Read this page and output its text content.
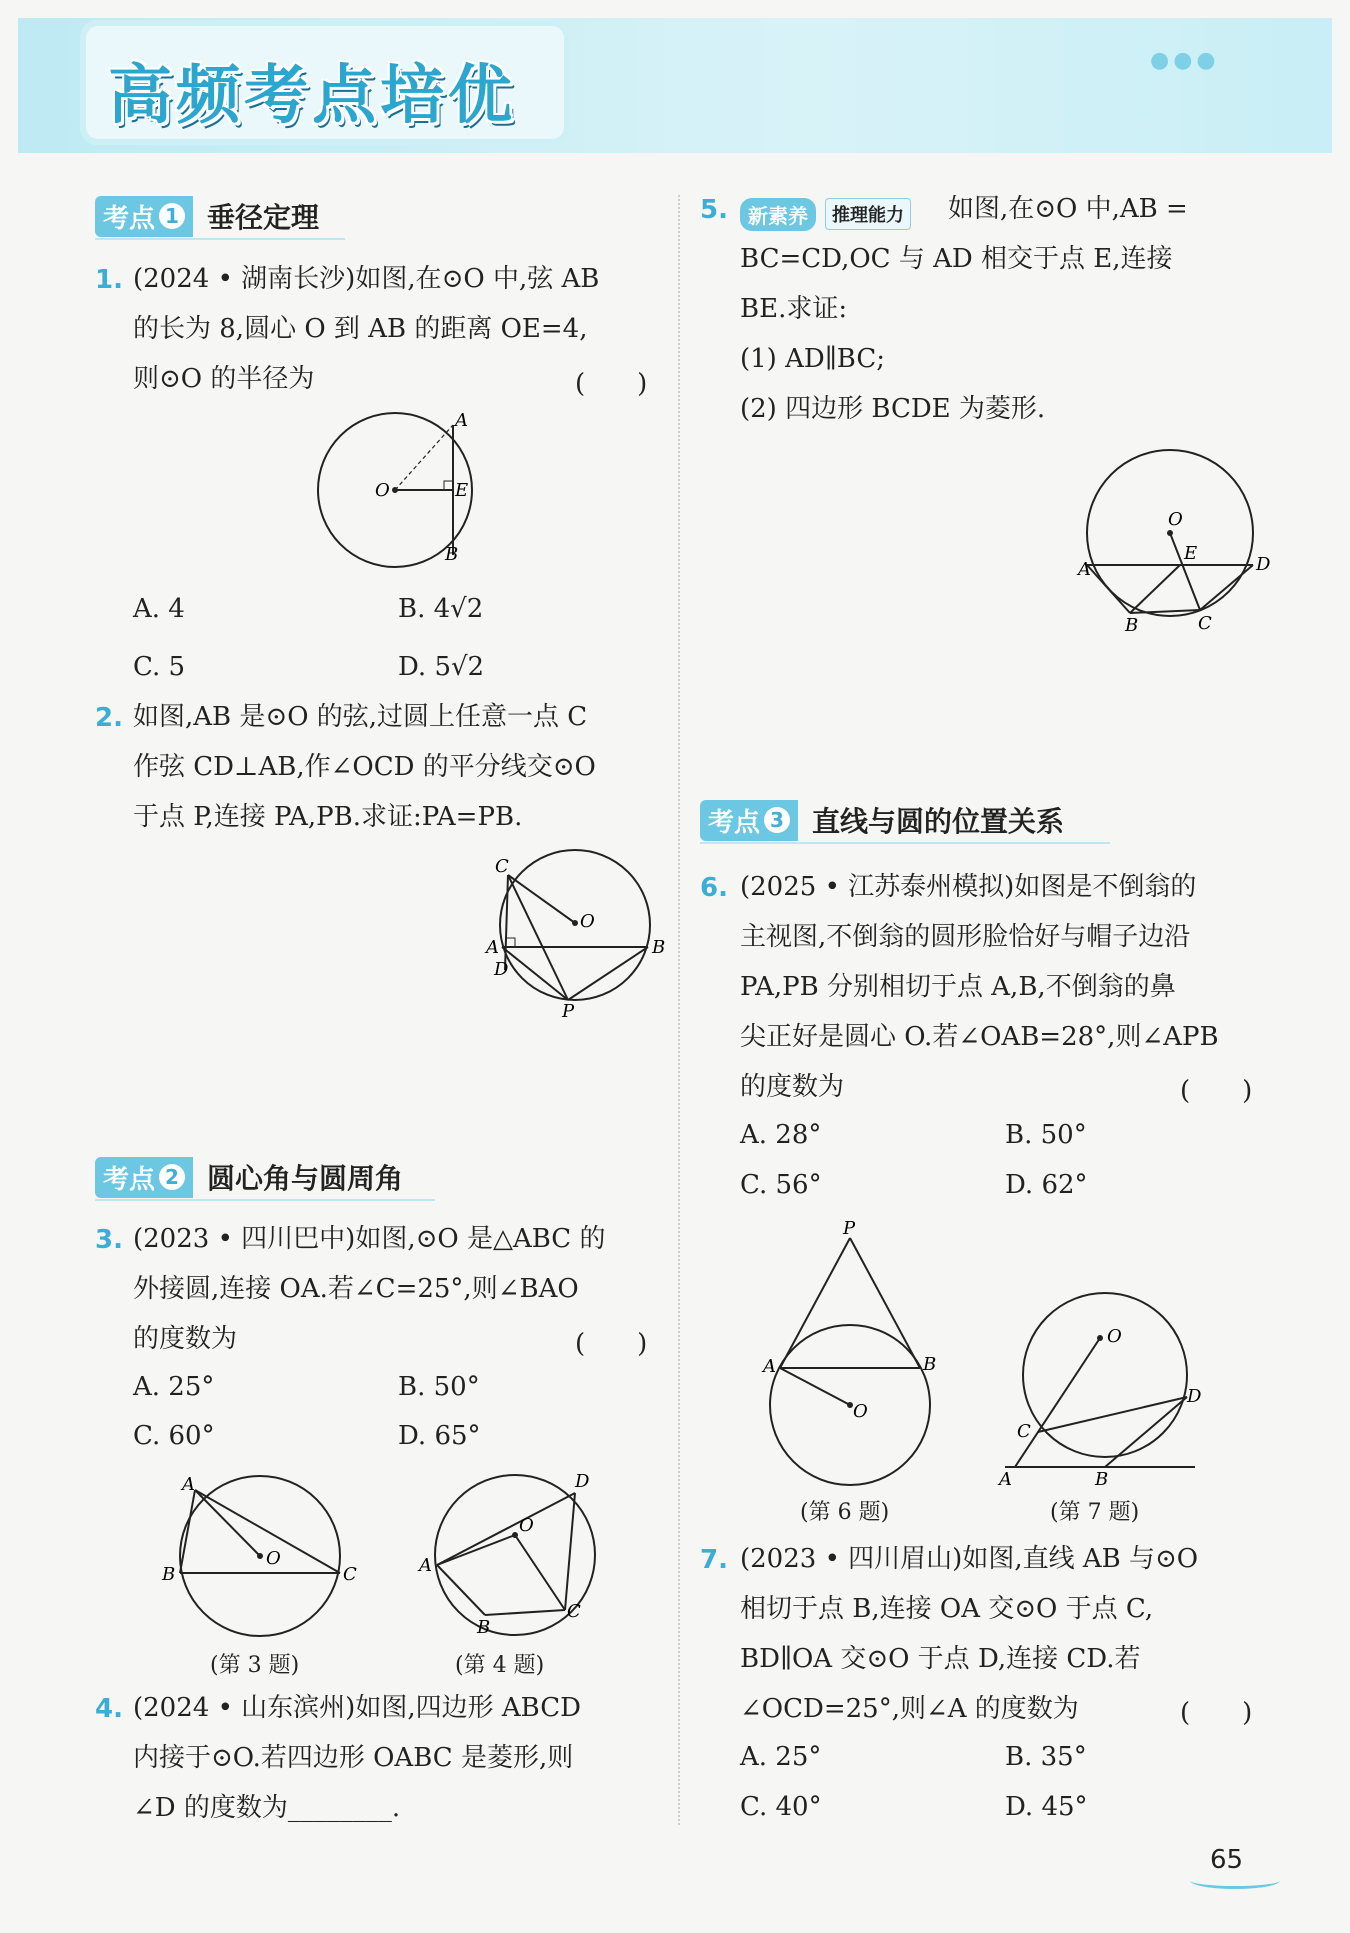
高频考点培优	●●●
考点 1 垂径定理
1. (2024 • 湖南长沙)如图,在⊙O 中,弦 AB
的长为 8,圆心 O 到 AB 的距离 OE=4,
则⊙O 的半径为	(　　)
A
O	E
B
A. 4	B. 4√2
C. 5	D. 5√2
2. 如图,AB 是⊙O 的弦,过圆上任意一点 C
作弦 CD⊥AB,作∠OCD 的平分线交⊙O
于点 P,连接 PA,PB.求证:PA=PB.
C
O
A	B
D
P
考点 2 圆心角与圆周角
3. (2023 • 四川巴中)如图,⊙O 是△ABC 的
外接圆,连接 OA.若∠C=25°,则∠BAO
的度数为	(　　)
A. 25°	B. 50°
C. 60°	D. 65°
A
O
B	C
(第 3 题)
D
O
A
C
B
(第 4 题)
4. (2024 • 山东滨州)如图,四边形 ABCD
内接于⊙O.若四边形 OABC 是菱形,则
∠D 的度数为________.
5.	新素养	推理能力 如图,在⊙O 中,AB =
BC=CD,OC 与 AD 相交于点 E,连接
BE.求证:
(1) AD∥BC;
(2) 四边形 BCDE 为菱形.
O
E
A	D
B	C
考点 3 直线与圆的位置关系
6. (2025 • 江苏泰州模拟)如图是不倒翁的
主视图,不倒翁的圆形脸恰好与帽子边沿
PA,PB 分别相切于点 A,B,不倒翁的鼻
尖正好是圆心 O.若∠OAB=28°,则∠APB
的度数为	(　　)
A. 28°	B. 50°
C. 56°	D. 62°
P
A	B
O
(第 6 题)
O
D
C
A	B
(第 7 题)
7. (2023 • 四川眉山)如图,直线 AB 与⊙O
相切于点 B,连接 OA 交⊙O 于点 C,
BD∥OA 交⊙O 于点 D,连接 CD.若
∠OCD=25°,则∠A 的度数为	(　　)
A. 25°	B. 35°
C. 40°	D. 45°
65
